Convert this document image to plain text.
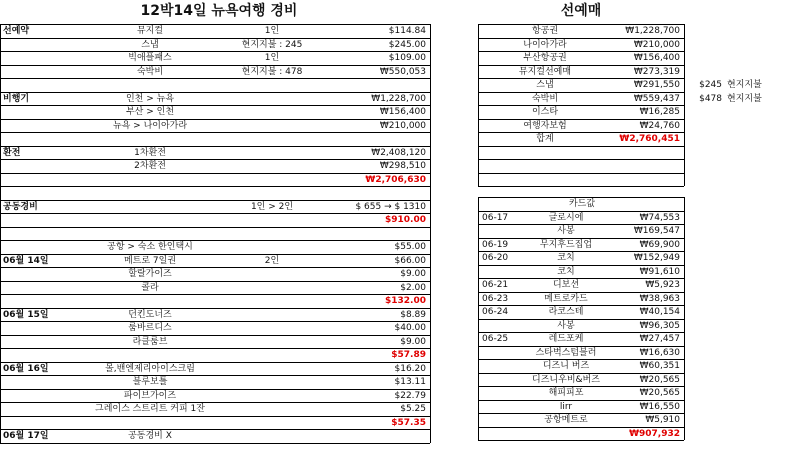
12박14일 뉴욕여행 경비	선예매
선예약	뮤지컬	1인	$114.84
스냅	현지지불 : 245	$245.00
빅애플패스	1인	$109.00
숙박비	현지지불 : 478	₩550,053
비행기	인천 > 뉴욕	₩1,228,700
부산 > 인천	₩156,400
뉴욕 > 나이아가라	₩210,000
환전	1차환전	₩2,408,120
2차환전	₩298,510
₩2,706,630
공동경비	1인 > 2인	$ 655 → $ 1310
$910.00
공항 > 숙소 한인택시	$55.00
06월 14일	메트로 7일권	2인	$66.00
할랄가이즈	$9.00
콜라	$2.00
$132.00
06월 15일	던킨도너즈	$8.89
룸바르디스	$40.00
라클룸브	$9.00
$57.89
06월 16일	몰,밴엔제리아이스크림	$16.20
블루보틀	$13.11
파이브가이즈	$22.79
그레이스 스트리트 커피 1잔	$5.25
$57.35
06월 17일	공동경비 X
항공권	₩1,228,700
나이아가라	₩210,000
부산항공권	₩156,400
뮤지컬선예매	₩273,319
스냅	₩291,550	$245 현지지불
숙박비	₩559,437	$478 현지지불
이스타	₩16,285
여행자보험	₩24,760
합계	₩2,760,451
카드값
06-17	글로시에	₩74,553
사봉	₩169,547
06-19	무지후드집업	₩69,900
06-20	코치	₩152,949
코치	₩91,610
06-21	디보션	₩5,923
06-23	메트로카드	₩38,963
06-24	라코스테	₩40,154
사봉	₩96,305
06-25	레드포케	₩27,457
스타벅스텀블러	₩16,630
디즈니 버즈	₩60,351
디즈니우비&버즈	₩20,565
해피피포	₩20,565
lirr	₩16,550
공항메트로	₩5,910
₩907,932
